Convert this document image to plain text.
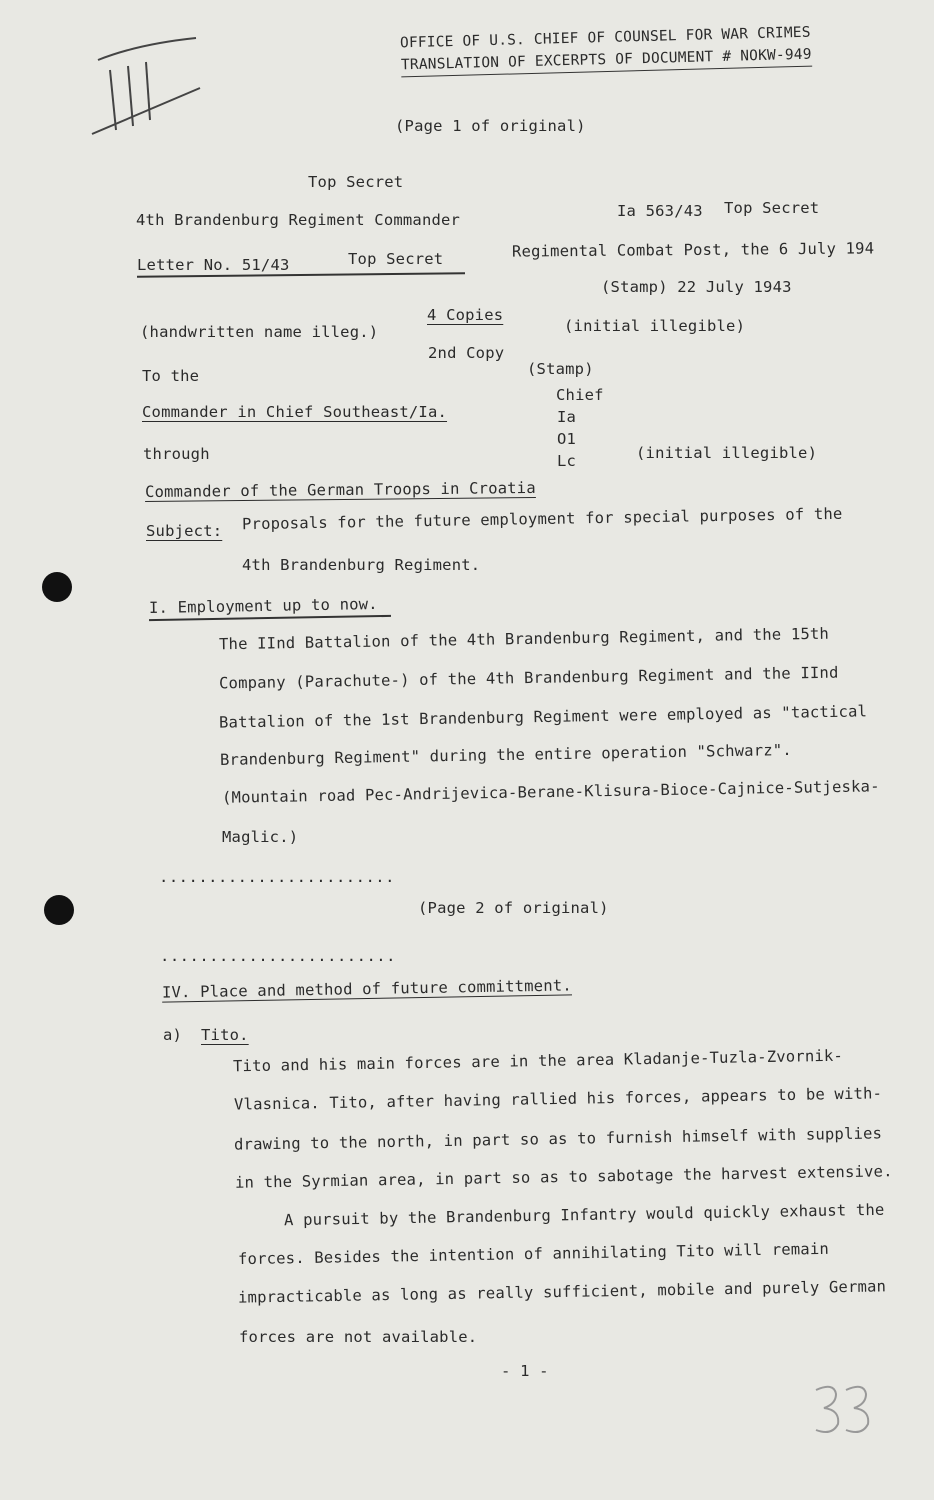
OFFICE OF U.S. CHIEF OF COUNSEL FOR WAR CRIMES
TRANSLATION OF EXCERPTS OF DOCUMENT # NOKW-949
(Page 1 of original)
Top Secret
4th Brandenburg Regiment Commander
Letter No. 51/43	Top Secret
(handwritten name illeg.)
4 Copies
2nd Copy
To the
Commander in Chief Southeast/Ia.
through
Commander of the German Troops in Croatia
Ia 563/43 Top Secret
Regimental Combat Post, the 6 July 194
(Stamp) 22 July 1943
(initial illegible)
(Stamp)
Chief
Ia
O1
Lc	(initial illegible)
Subject: Proposals for the future employment for special purposes of the
4th Brandenburg Regiment.
I. Employment up to now.
The IInd Battalion of the 4th Brandenburg Regiment, and the 15th
Company (Parachute-) of the 4th Brandenburg Regiment and the IInd
Battalion of the 1st Brandenburg Regiment were employed as "tactical
Brandenburg Regiment" during the entire operation "Schwarz".
(Mountain road Pec-Andrijevica-Berane-Klisura-Bioce-Cajnice-Sutjeska-
Maglic.)
........................
(Page 2 of original)
........................
IV. Place and method of future committment.
a) Tito.
Tito and his main forces are in the area Kladanje-Tuzla-Zvornik-
Vlasnica. Tito, after having rallied his forces, appears to be with-
drawing to the north, in part so as to furnish himself with supplies
in the Syrmian area, in part so as to sabotage the harvest extensive.
A pursuit by the Brandenburg Infantry would quickly exhaust the
forces. Besides the intention of annihilating Tito will remain
impracticable as long as really sufficient, mobile and purely German
forces are not available.
- 1 -
